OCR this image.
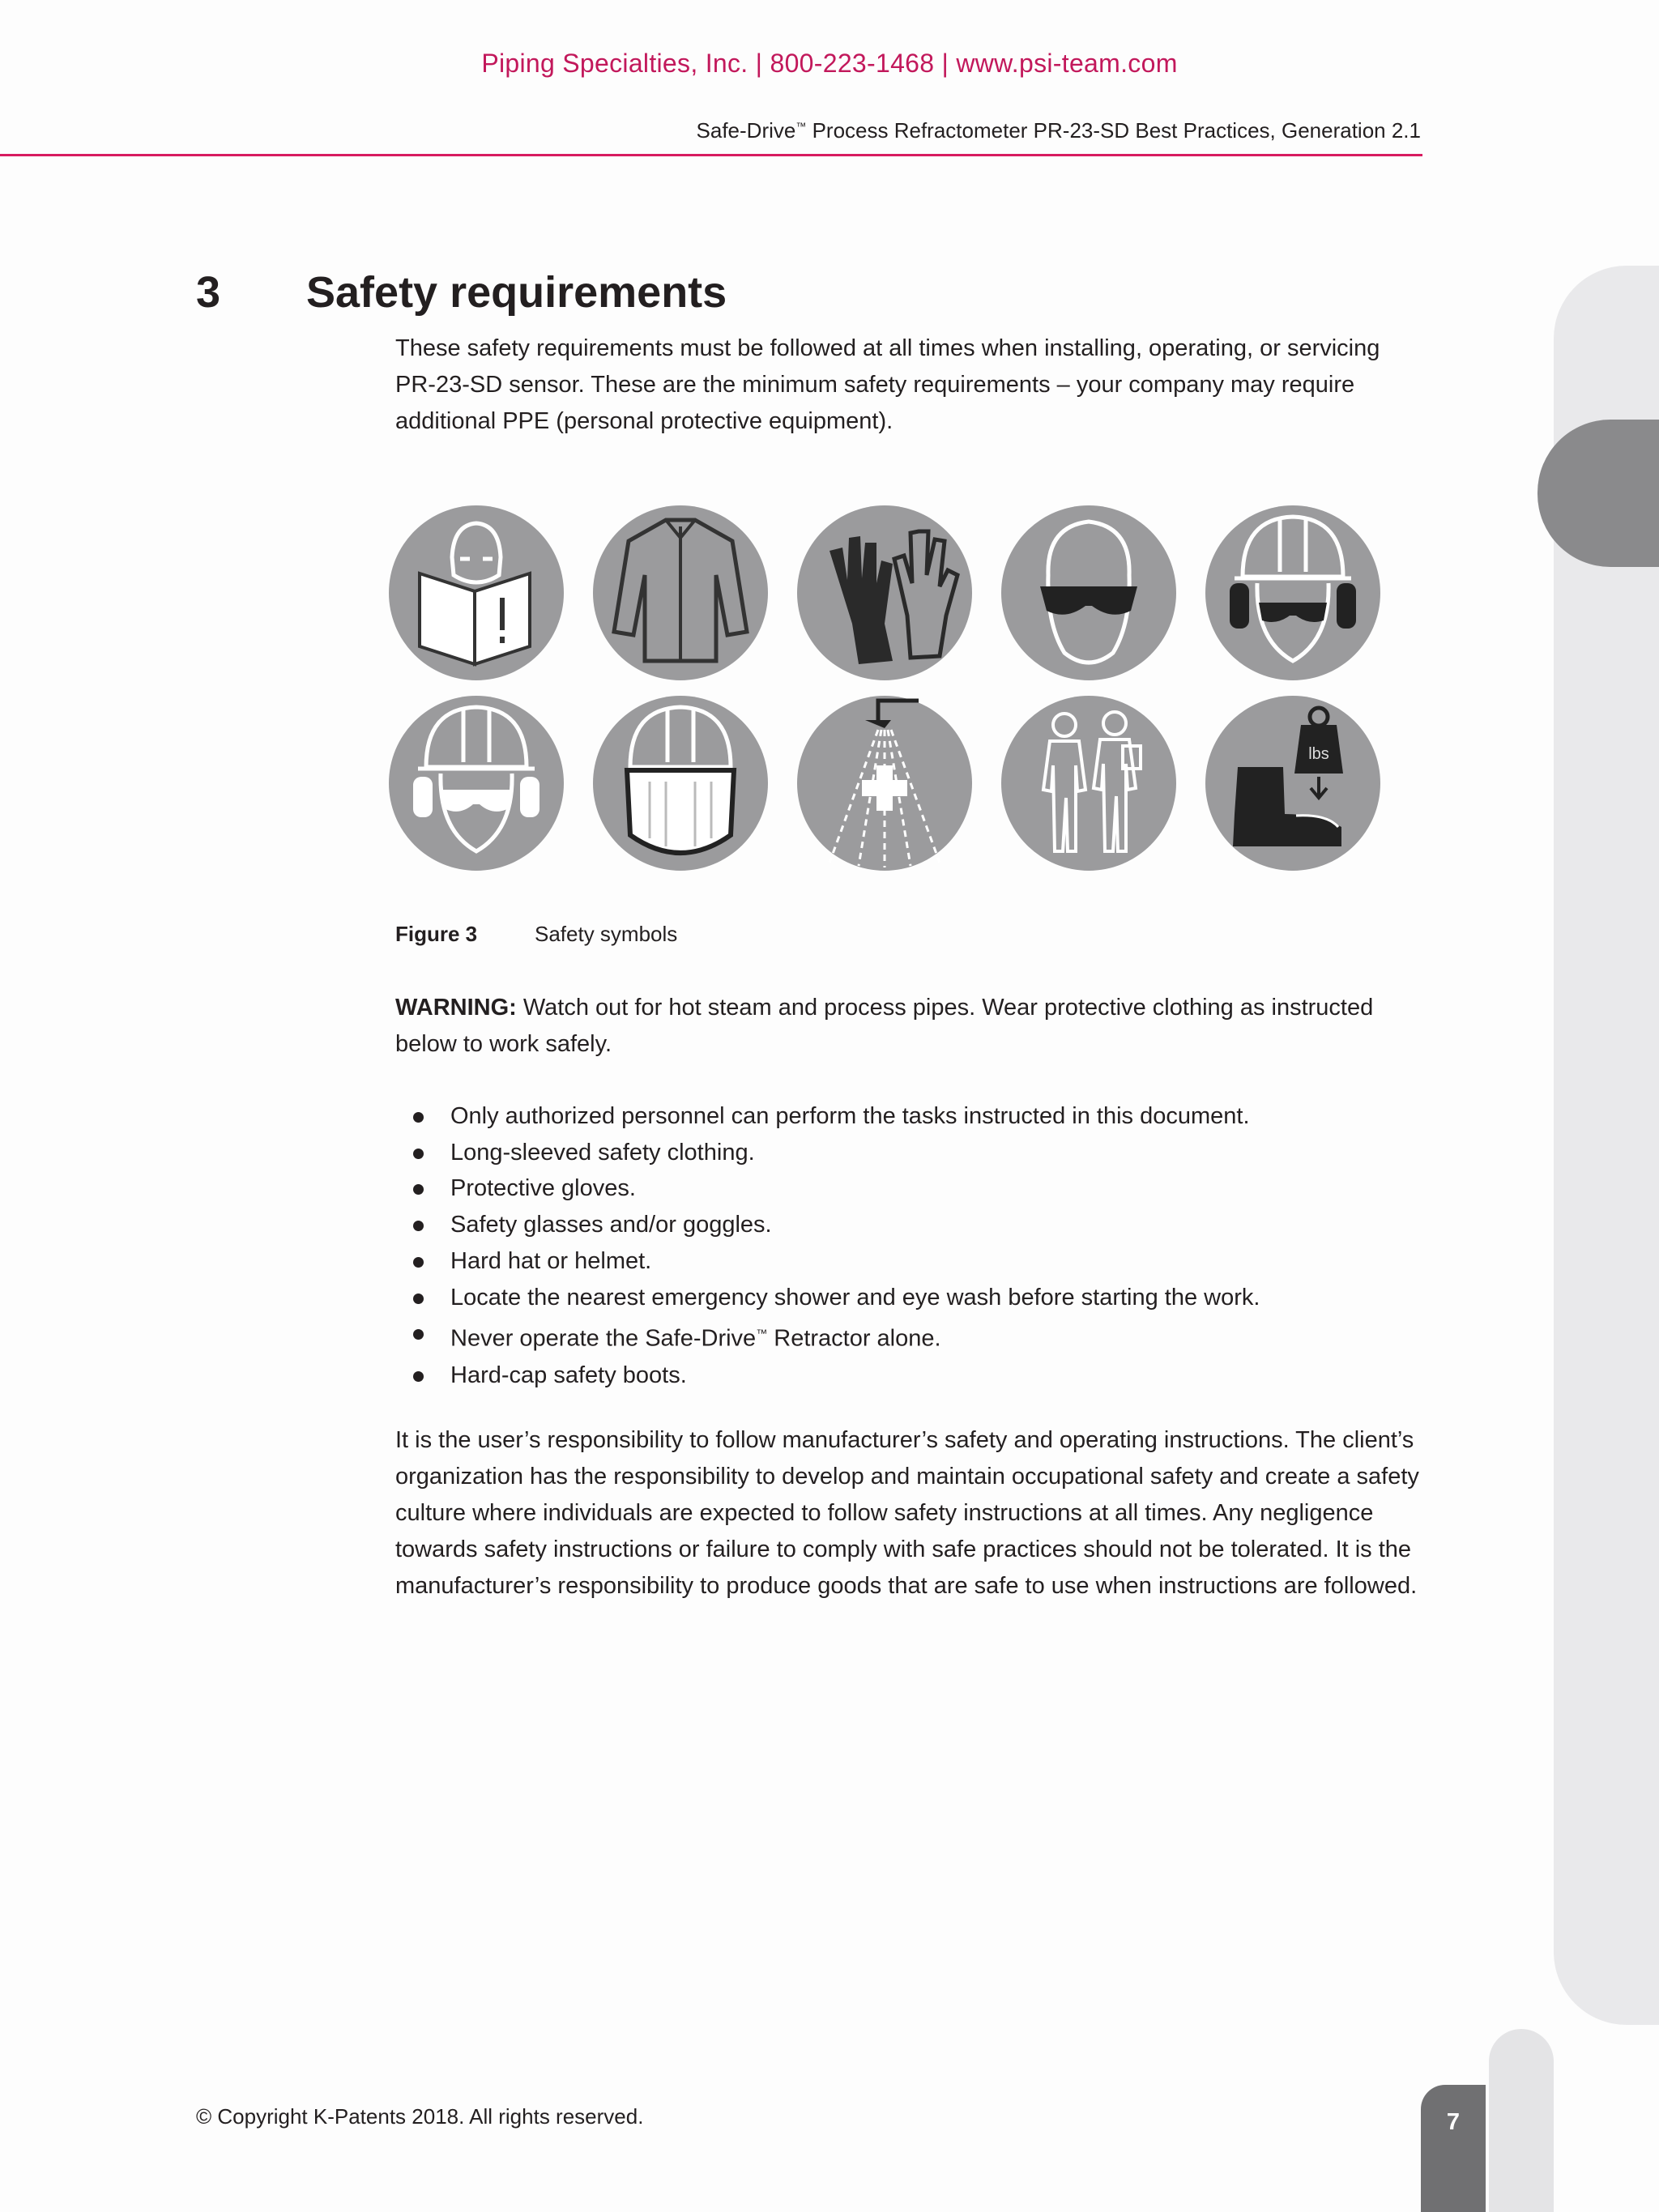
Piping Specialties, Inc. | 800-223-1468 | www.psi-team.com
Safe-Drive™ Process Refractometer PR-23-SD Best Practices, Generation 2.1
3 Safety requirements
These safety requirements must be followed at all times when installing, operating, or servicing PR-23-SD sensor. These are the minimum safety requirements – your company may require additional PPE (personal protective equipment).
lbs
Figure 3	Safety symbols
WARNING: Watch out for hot steam and process pipes. Wear protective clothing as instructed below to work safely.
Only authorized personnel can perform the tasks instructed in this document.
Long-sleeved safety clothing.
Protective gloves.
Safety glasses and/or goggles.
Hard hat or helmet.
Locate the nearest emergency shower and eye wash before starting the work.
Never operate the Safe-Drive™ Retractor alone.
Hard-cap safety boots.
It is the user’s responsibility to follow manufacturer’s safety and operating instructions. The client’s organization has the responsibility to develop and maintain occupational safety and create a safety culture where individuals are expected to follow safety instructions at all times. Any negligence towards safety instructions or failure to comply with safe practices should not be tolerated. It is the manufacturer’s responsibility to produce goods that are safe to use when instructions are followed.
© Copyright K-Patents 2018. All rights reserved.	7
